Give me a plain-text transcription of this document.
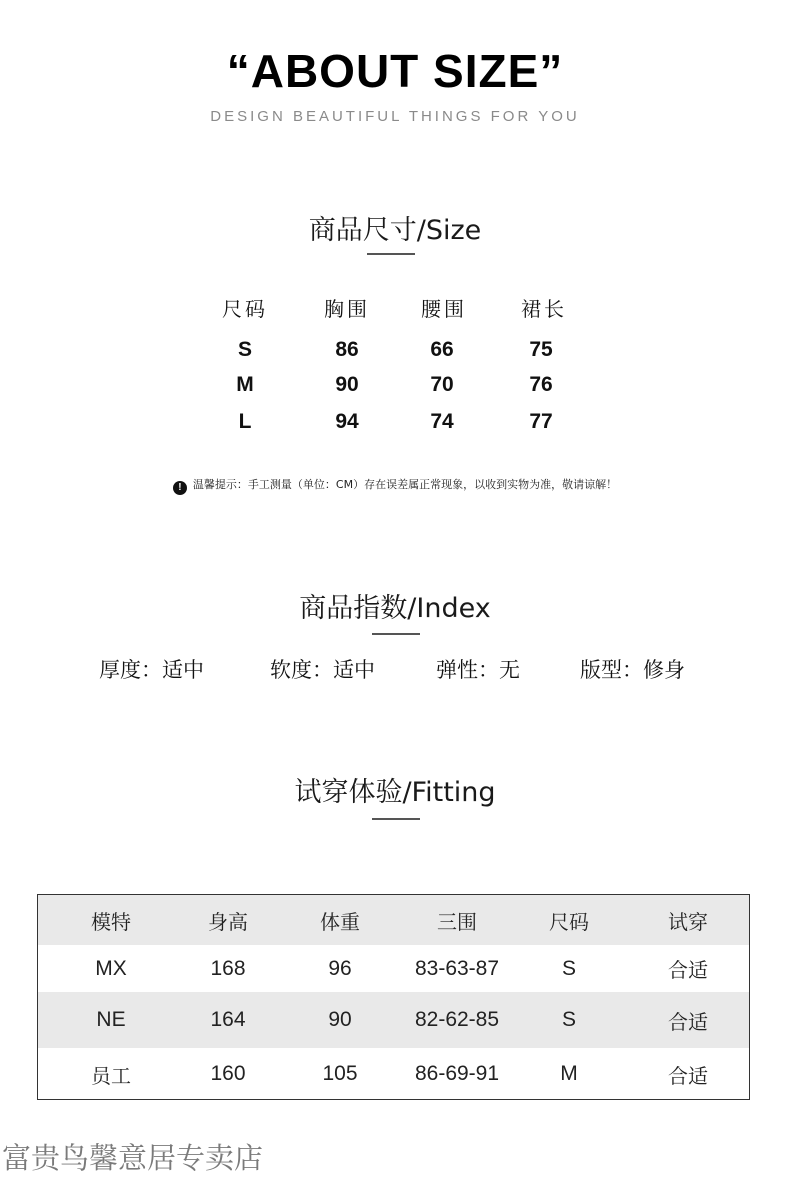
“ABOUT SIZE”
DESIGN BEAUTIFUL THINGS FOR YOU
商品尺寸/Size
尺码	胸围	腰围	裙长
S	86	66	75
M	90	70	76
L	94	74	77
! 温馨提示：手工测量（单位：CM）存在误差属正常现象，以收到实物为准，敬请谅解！
商品指数/Index
厚度：适中	软度：适中	弹性：无	版型：修身
试穿体验/Fitting
模特	身高	体重	三围	尺码	试穿
MX	168	96	83-63-87	S	合适
NE	164	90	82-62-85	S	合适
员工	160	105	86-69-91	M	合适
富贵鸟馨意居专卖店
